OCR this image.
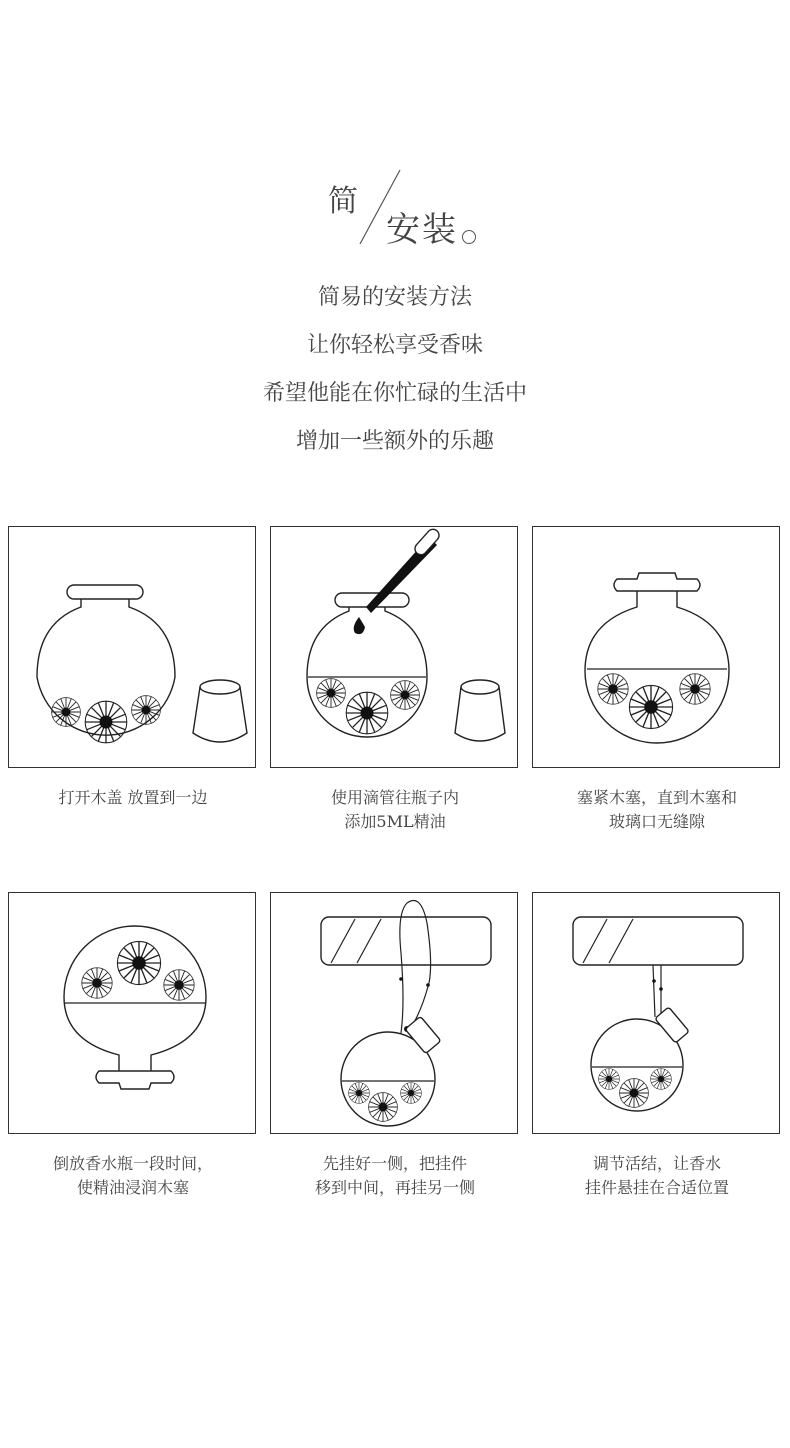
简
安装

简易的安装方法

让你轻松享受香味

希望他能在你忙碌的生活中

增加一些额外的乐趣

打开木盖 放置到一边	使用滴管往瓶子内
添加5ML精油
塞紧木塞，直到木塞和
玻璃口无缝隙
倒放香水瓶一段时间，
使精油浸润木塞
先挂好一侧，把挂件
移到中间，再挂另一侧
调节活结，让香水
挂件悬挂在合适位置
